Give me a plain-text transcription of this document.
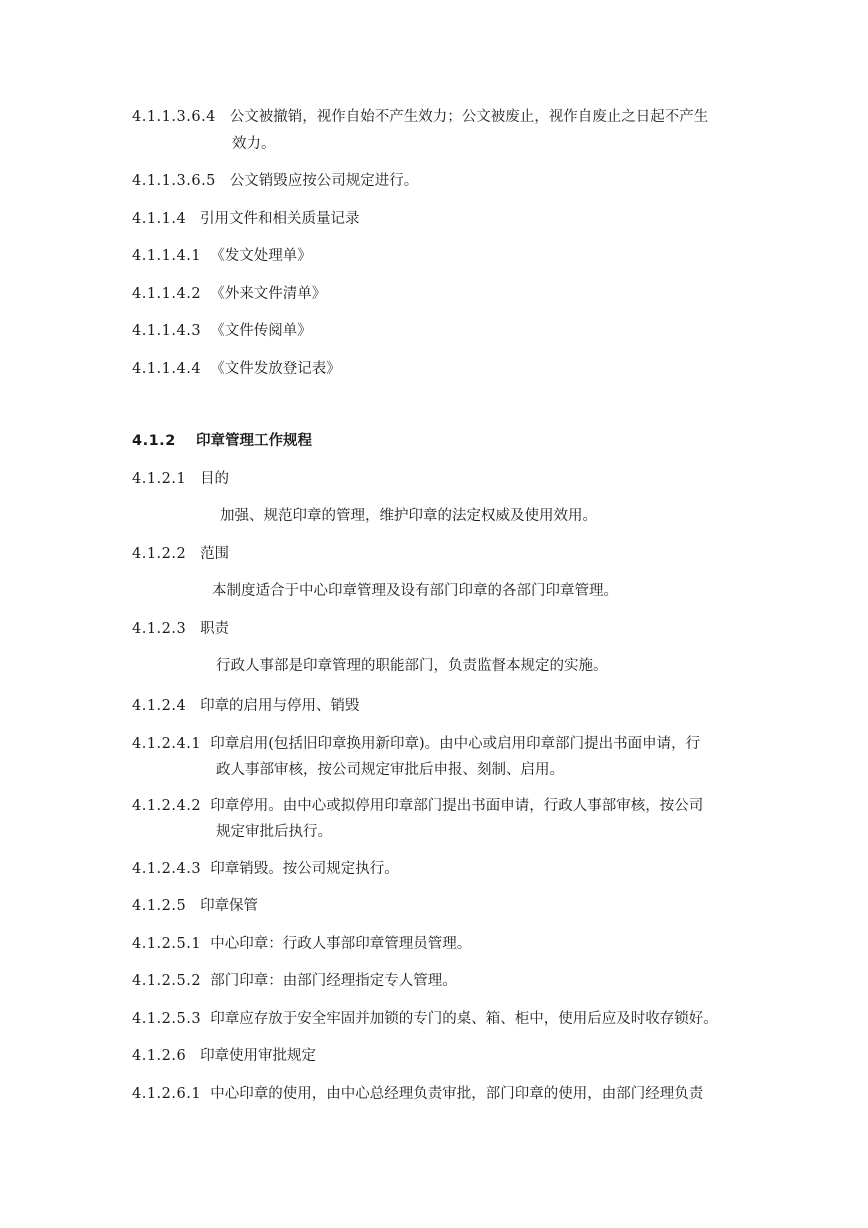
4.1.1.3.6.4 公文被撤销，视作自始不产生效力；公文被废止，视作自废止之日起不产生
效力。
4.1.1.3.6.5 公文销毁应按公司规定进行。
4.1.1.4 引用文件和相关质量记录
4.1.1.4.1 《发文处理单》
4.1.1.4.2 《外来文件清单》
4.1.1.4.3 《文件传阅单》
4.1.1.4.4 《文件发放登记表》
4.1.2 印章管理工作规程
4.1.2.1 目的
加强、规范印章的管理，维护印章的法定权威及使用效用。
4.1.2.2 范围
本制度适合于中心印章管理及设有部门印章的各部门印章管理。
4.1.2.3 职责
行政人事部是印章管理的职能部门，负责监督本规定的实施。
4.1.2.4 印章的启用与停用、销毁
4.1.2.4.1 印章启用(包括旧印章换用新印章)。由中心或启用印章部门提出书面申请，行
政人事部审核，按公司规定审批后申报、刻制、启用。
4.1.2.4.2 印章停用。由中心或拟停用印章部门提出书面申请，行政人事部审核，按公司
规定审批后执行。
4.1.2.4.3 印章销毁。按公司规定执行。
4.1.2.5 印章保管
4.1.2.5.1 中心印章：行政人事部印章管理员管理。
4.1.2.5.2 部门印章：由部门经理指定专人管理。
4.1.2.5.3 印章应存放于安全牢固并加锁的专门的桌、箱、柜中，使用后应及时收存锁好。
4.1.2.6 印章使用审批规定
4.1.2.6.1 中心印章的使用，由中心总经理负责审批，部门印章的使用，由部门经理负责
